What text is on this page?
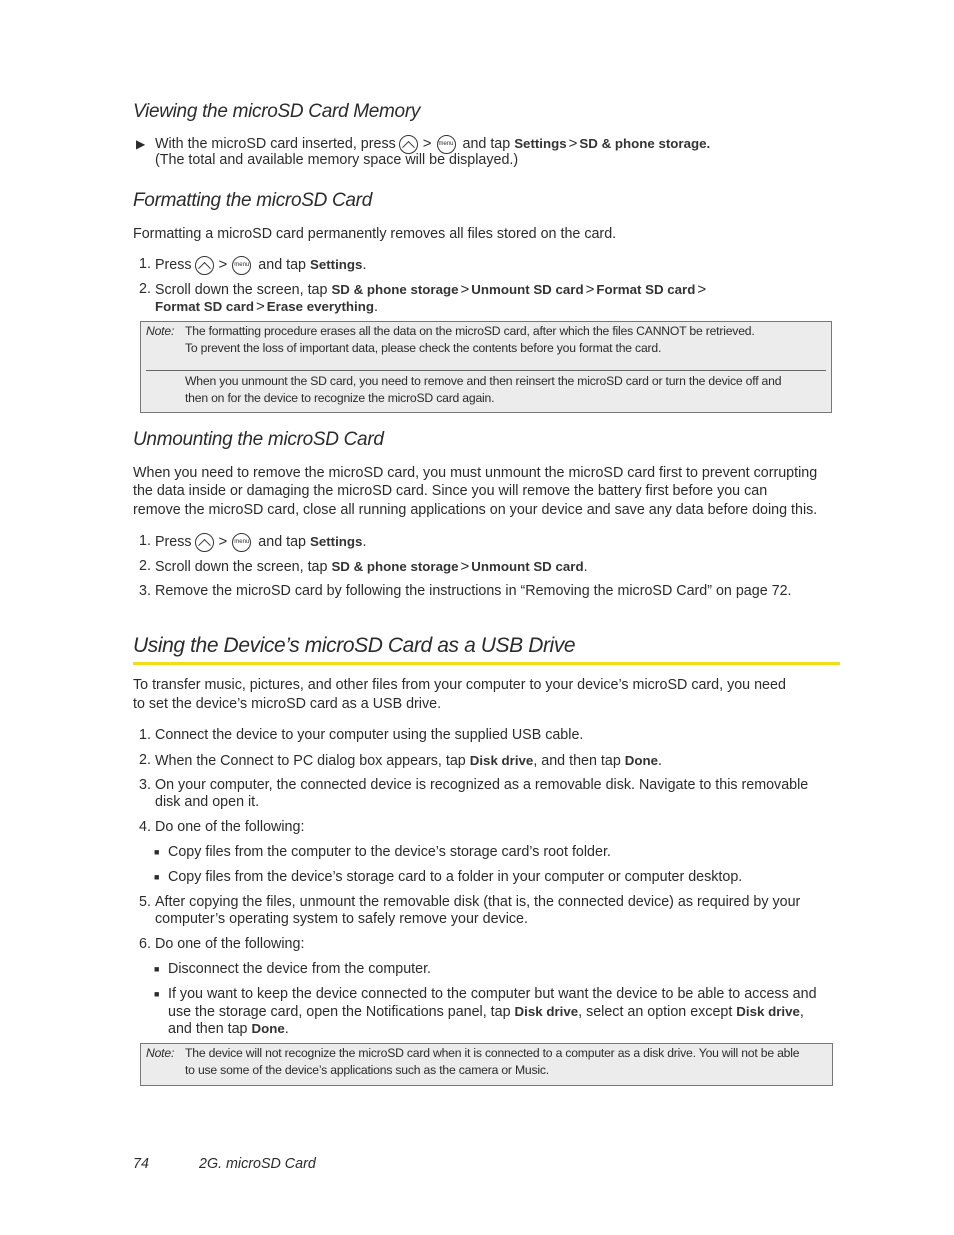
Viewing the microSD Card Memory
▶ With the microSD card inserted, press > menu and tap Settings > SD & phone storage.
(The total and available memory space will be displayed.)
Formatting the microSD Card

Formatting a microSD card permanently removes all files stored on the card.

1. Press > menu and tap Settings.
2. Scroll down the screen, tap SD & phone storage > Unmount SD card > Format SD card >
Format SD card > Erase everything.
Note: The formatting procedure erases all the data on the microSD card, after which the files CANNOT be retrieved.
To prevent the loss of important data, please check the contents before you format the card.
When you unmount the SD card, you need to remove and then reinsert the microSD card or turn the device off and
then on for the device to recognize the microSD card again.
Unmounting the microSD Card
When you need to remove the microSD card, you must unmount the microSD card first to prevent corrupting
the data inside or damaging the microSD card. Since you will remove the battery first before you can
remove the microSD card, close all running applications on your device and save any data before doing this.
1. Press > menu and tap Settings.
2. Scroll down the screen, tap SD & phone storage > Unmount SD card.
3. Remove the microSD card by following the instructions in “Removing the microSD Card” on page 72.
Using the Device’s microSD Card as a USB Drive
To transfer music, pictures, and other files from your computer to your device’s microSD card, you need
to set the device’s microSD card as a USB drive.
1. Connect the device to your computer using the supplied USB cable.
2. When the Connect to PC dialog box appears, tap Disk drive, and then tap Done.
3. On your computer, the connected device is recognized as a removable disk. Navigate to this removable
disk and open it.
4. Do one of the following:
■ Copy files from the computer to the device’s storage card’s root folder.
■ Copy files from the device’s storage card to a folder in your computer or computer desktop.
5. After copying the files, unmount the removable disk (that is, the connected device) as required by your
computer’s operating system to safely remove your device.
6. Do one of the following:
■ Disconnect the device from the computer.
■ If you want to keep the device connected to the computer but want the device to be able to access and
use the storage card, open the Notifications panel, tap Disk drive, select an option except Disk drive,
and then tap Done.
Note: The device will not recognize the microSD card when it is connected to a computer as a disk drive. You will not be able
to use some of the device’s applications such as the camera or Music.
74	2G. microSD Card
